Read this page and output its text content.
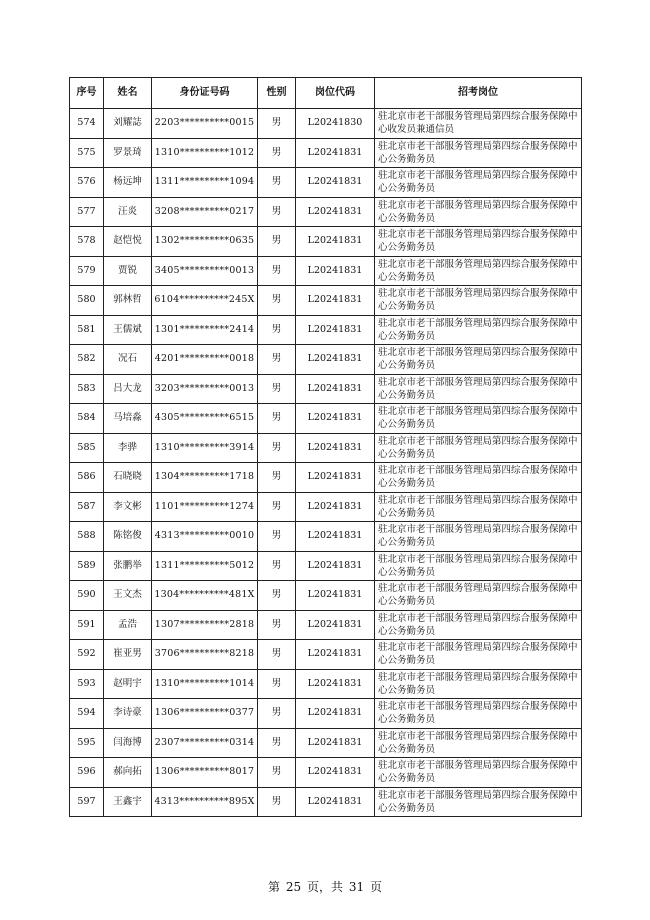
序号	姓名	身份证号码	性别	岗位代码	招考岗位
574	刘耀誌	2203**********0015	男	L20241830	驻北京市老干部服务管理局第四综合服务保障中心收发员兼通信员
575	罗景琦	1310**********1012	男	L20241831	驻北京市老干部服务管理局第四综合服务保障中心公务勤务员
576	杨远坤	1311**********1094	男	L20241831	驻北京市老干部服务管理局第四综合服务保障中心公务勤务员
577	汪炎	3208**********0217	男	L20241831	驻北京市老干部服务管理局第四综合服务保障中心公务勤务员
578	赵恺悦	1302**********0635	男	L20241831	驻北京市老干部服务管理局第四综合服务保障中心公务勤务员
579	贾锐	3405**********0013	男	L20241831	驻北京市老干部服务管理局第四综合服务保障中心公务勤务员
580	郭林哲	6104**********245X	男	L20241831	驻北京市老干部服务管理局第四综合服务保障中心公务勤务员
581	王儒斌	1301**********2414	男	L20241831	驻北京市老干部服务管理局第四综合服务保障中心公务勤务员
582	况石	4201**********0018	男	L20241831	驻北京市老干部服务管理局第四综合服务保障中心公务勤务员
583	吕大龙	3203**********0013	男	L20241831	驻北京市老干部服务管理局第四综合服务保障中心公务勤务员
584	马培淼	4305**********6515	男	L20241831	驻北京市老干部服务管理局第四综合服务保障中心公务勤务员
585	李骅	1310**********3914	男	L20241831	驻北京市老干部服务管理局第四综合服务保障中心公务勤务员
586	石晓晓	1304**********1718	男	L20241831	驻北京市老干部服务管理局第四综合服务保障中心公务勤务员
587	李文彬	1101**********1274	男	L20241831	驻北京市老干部服务管理局第四综合服务保障中心公务勤务员
588	陈铭俊	4313**********0010	男	L20241831	驻北京市老干部服务管理局第四综合服务保障中心公务勤务员
589	张鹏举	1311**********5012	男	L20241831	驻北京市老干部服务管理局第四综合服务保障中心公务勤务员
590	王文杰	1304**********481X	男	L20241831	驻北京市老干部服务管理局第四综合服务保障中心公务勤务员
591	孟浩	1307**********2818	男	L20241831	驻北京市老干部服务管理局第四综合服务保障中心公务勤务员
592	崔亚男	3706**********8218	男	L20241831	驻北京市老干部服务管理局第四综合服务保障中心公务勤务员
593	赵明宇	1310**********1014	男	L20241831	驻北京市老干部服务管理局第四综合服务保障中心公务勤务员
594	李诗豪	1306**********0377	男	L20241831	驻北京市老干部服务管理局第四综合服务保障中心公务勤务员
595	闫海博	2307**********0314	男	L20241831	驻北京市老干部服务管理局第四综合服务保障中心公务勤务员
596	郝向拓	1306**********8017	男	L20241831	驻北京市老干部服务管理局第四综合服务保障中心公务勤务员
597	王鑫宇	4313**********895X	男	L20241831	驻北京市老干部服务管理局第四综合服务保障中心公务勤务员
第 25 页，共 31 页
